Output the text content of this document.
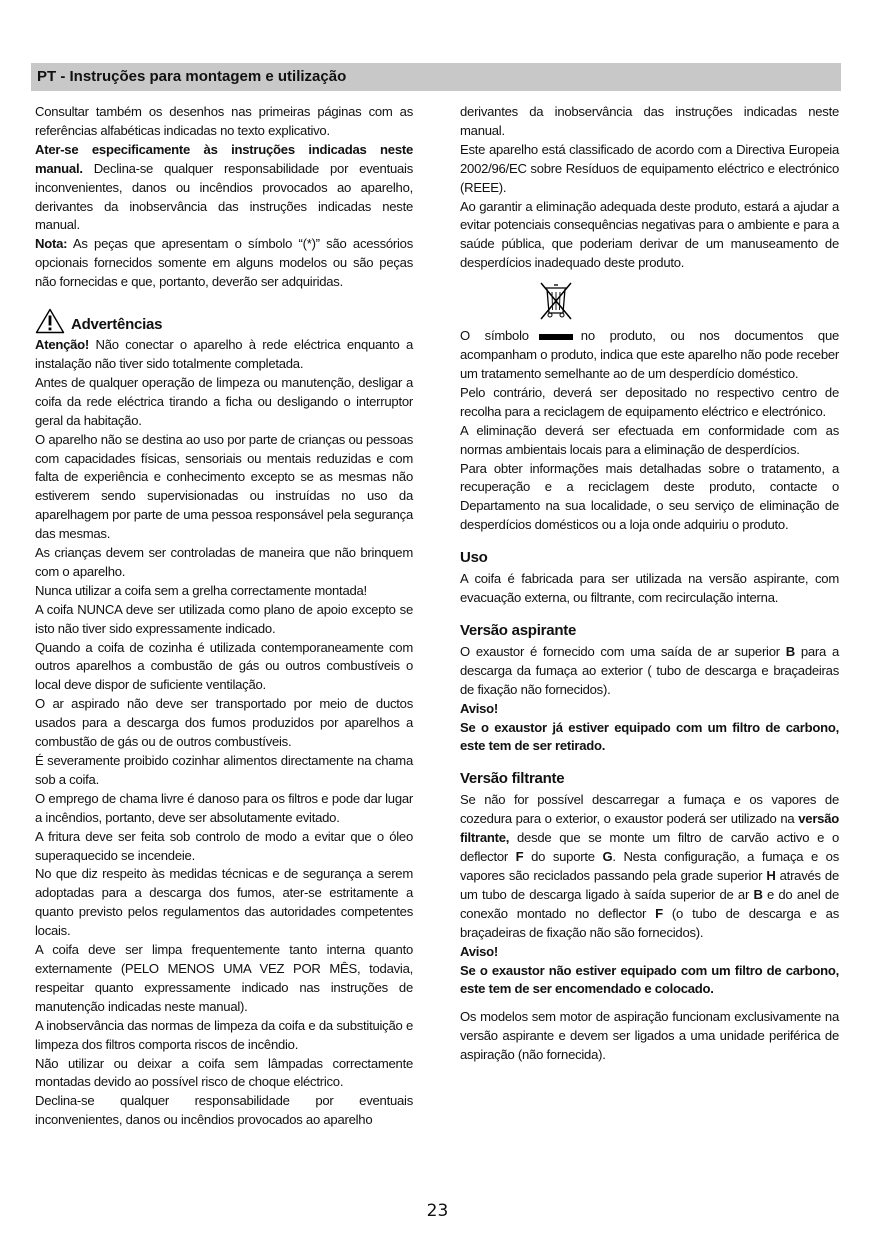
PT - Instruções para montagem e utilização

Consultar também os desenhos nas primeiras páginas com as referências alfabéticas indicadas no texto explicativo.

Ater-se especificamente às instruções indicadas neste manual. Declina-se qualquer responsabilidade por eventuais inconvenientes, danos ou incêndios provocados ao aparelho, derivantes da inobservância das instruções indicadas neste manual.

Nota: As peças que apresentam o símbolo “(*)” são acessórios opcionais fornecidos somente em alguns modelos ou são peças não fornecidas e que, portanto, deverão ser adquiridas.

Advertências

Atenção! Não conectar o aparelho à rede eléctrica enquanto a instalação não tiver sido totalmente completada.

Antes de qualquer operação de limpeza ou manutenção, desligar a coifa da rede eléctrica tirando a ficha ou desligando o interruptor geral da habitação.

O aparelho não se destina ao uso por parte de crianças ou pessoas com capacidades físicas, sensoriais ou mentais reduzidas e com falta de experiência e conhecimento excepto se as mesmas não estiverem sendo supervisionadas ou instruídas no uso da aparelhagem por parte de uma pessoa responsável pela segurança das mesmas.

As crianças devem ser controladas de maneira que não brinquem com o aparelho.

Nunca utilizar a coifa sem a grelha correctamente montada!

A coifa NUNCA deve ser utilizada como plano de apoio excepto se isto não tiver sido expressamente indicado.

Quando a coifa de cozinha é utilizada contemporaneamente com outros aparelhos a combustão de gás ou outros combustíveis o local deve dispor de suficiente ventilação.

O ar aspirado não deve ser transportado por meio de ductos usados para a descarga dos fumos produzidos por aparelhos a combustão de gás ou de outros combustíveis.

É severamente proibido cozinhar alimentos directamente na chama sob a coifa.

O emprego de chama livre é danoso para os filtros e pode dar lugar a incêndios, portanto, deve ser absolutamente evitado.

A fritura deve ser feita sob controlo de modo a evitar que o óleo superaquecido se incendeie.

No que diz respeito às medidas técnicas e de segurança a serem adoptadas para a descarga dos fumos, ater-se estritamente a quanto previsto pelos regulamentos das autoridades competentes locais.

A coifa deve ser limpa frequentemente tanto interna quanto externamente (PELO MENOS UMA VEZ POR MÊS, todavia, respeitar quanto expressamente indicado nas instruções de manutenção indicadas neste manual).

A inobservância das normas de limpeza da coifa e da substituição e limpeza dos filtros comporta riscos de incêndio.

Não utilizar ou deixar a coifa sem lâmpadas correctamente montadas devido ao possível risco de choque eléctrico.

Declina-se qualquer responsabilidade por eventuais inconvenientes, danos ou incêndios provocados ao aparelho

derivantes da inobservância das instruções indicadas neste manual.

Este aparelho está classificado de acordo com a Directiva Europeia 2002/96/EC sobre Resíduos de equipamento eléctrico e electrónico (REEE).

Ao garantir a eliminação adequada deste produto, estará a ajudar a evitar potenciais consequências negativas para o ambiente e para a saúde pública, que poderiam derivar de um manuseamento de desperdícios inadequado deste produto.

O símbolo	no produto, ou nos documentos que acompanham o produto, indica que este aparelho não pode receber um tratamento semelhante ao de um desperdício doméstico.

Pelo contrário, deverá ser depositado no respectivo centro de recolha para a reciclagem de equipamento eléctrico e electrónico.

A eliminação deverá ser efectuada em conformidade com as normas ambientais locais para a eliminação de desperdícios.

Para obter informações mais detalhadas sobre o tratamento, a recuperação e a reciclagem deste produto, contacte o Departamento na sua localidade, o seu serviço de eliminação de desperdícios domésticos ou a loja onde adquiriu o produto.

Uso

A coifa é fabricada para ser utilizada na versão aspirante, com evacuação externa, ou filtrante, com recirculação interna.

Versão aspirante

O exaustor é fornecido com uma saída de ar superior B para a descarga da fumaça ao exterior ( tubo de descarga e braçadeiras de fixação não fornecidos).

Aviso!

Se o exaustor já estiver equipado com um filtro de carbono, este tem de ser retirado.

Versão filtrante

Se não for possível descarregar a fumaça e os vapores de cozedura para o exterior, o exaustor poderá ser utilizado na versão filtrante, desde que se monte um filtro de carvão activo e o deflector F do suporte G. Nesta configuração, a fumaça e os vapores são reciclados passando pela grade superior H através de um tubo de descarga ligado à saída superior de ar B e do anel de conexão montado no deflector F (o tubo de descarga e as braçadeiras de fixação não são fornecidos).

Aviso!

Se o exaustor não estiver equipado com um filtro de carbono, este tem de ser encomendado e colocado.

Os modelos sem motor de aspiração funcionam exclusivamente na versão aspirante e devem ser ligados a uma unidade periférica de aspiração (não fornecida).

23
